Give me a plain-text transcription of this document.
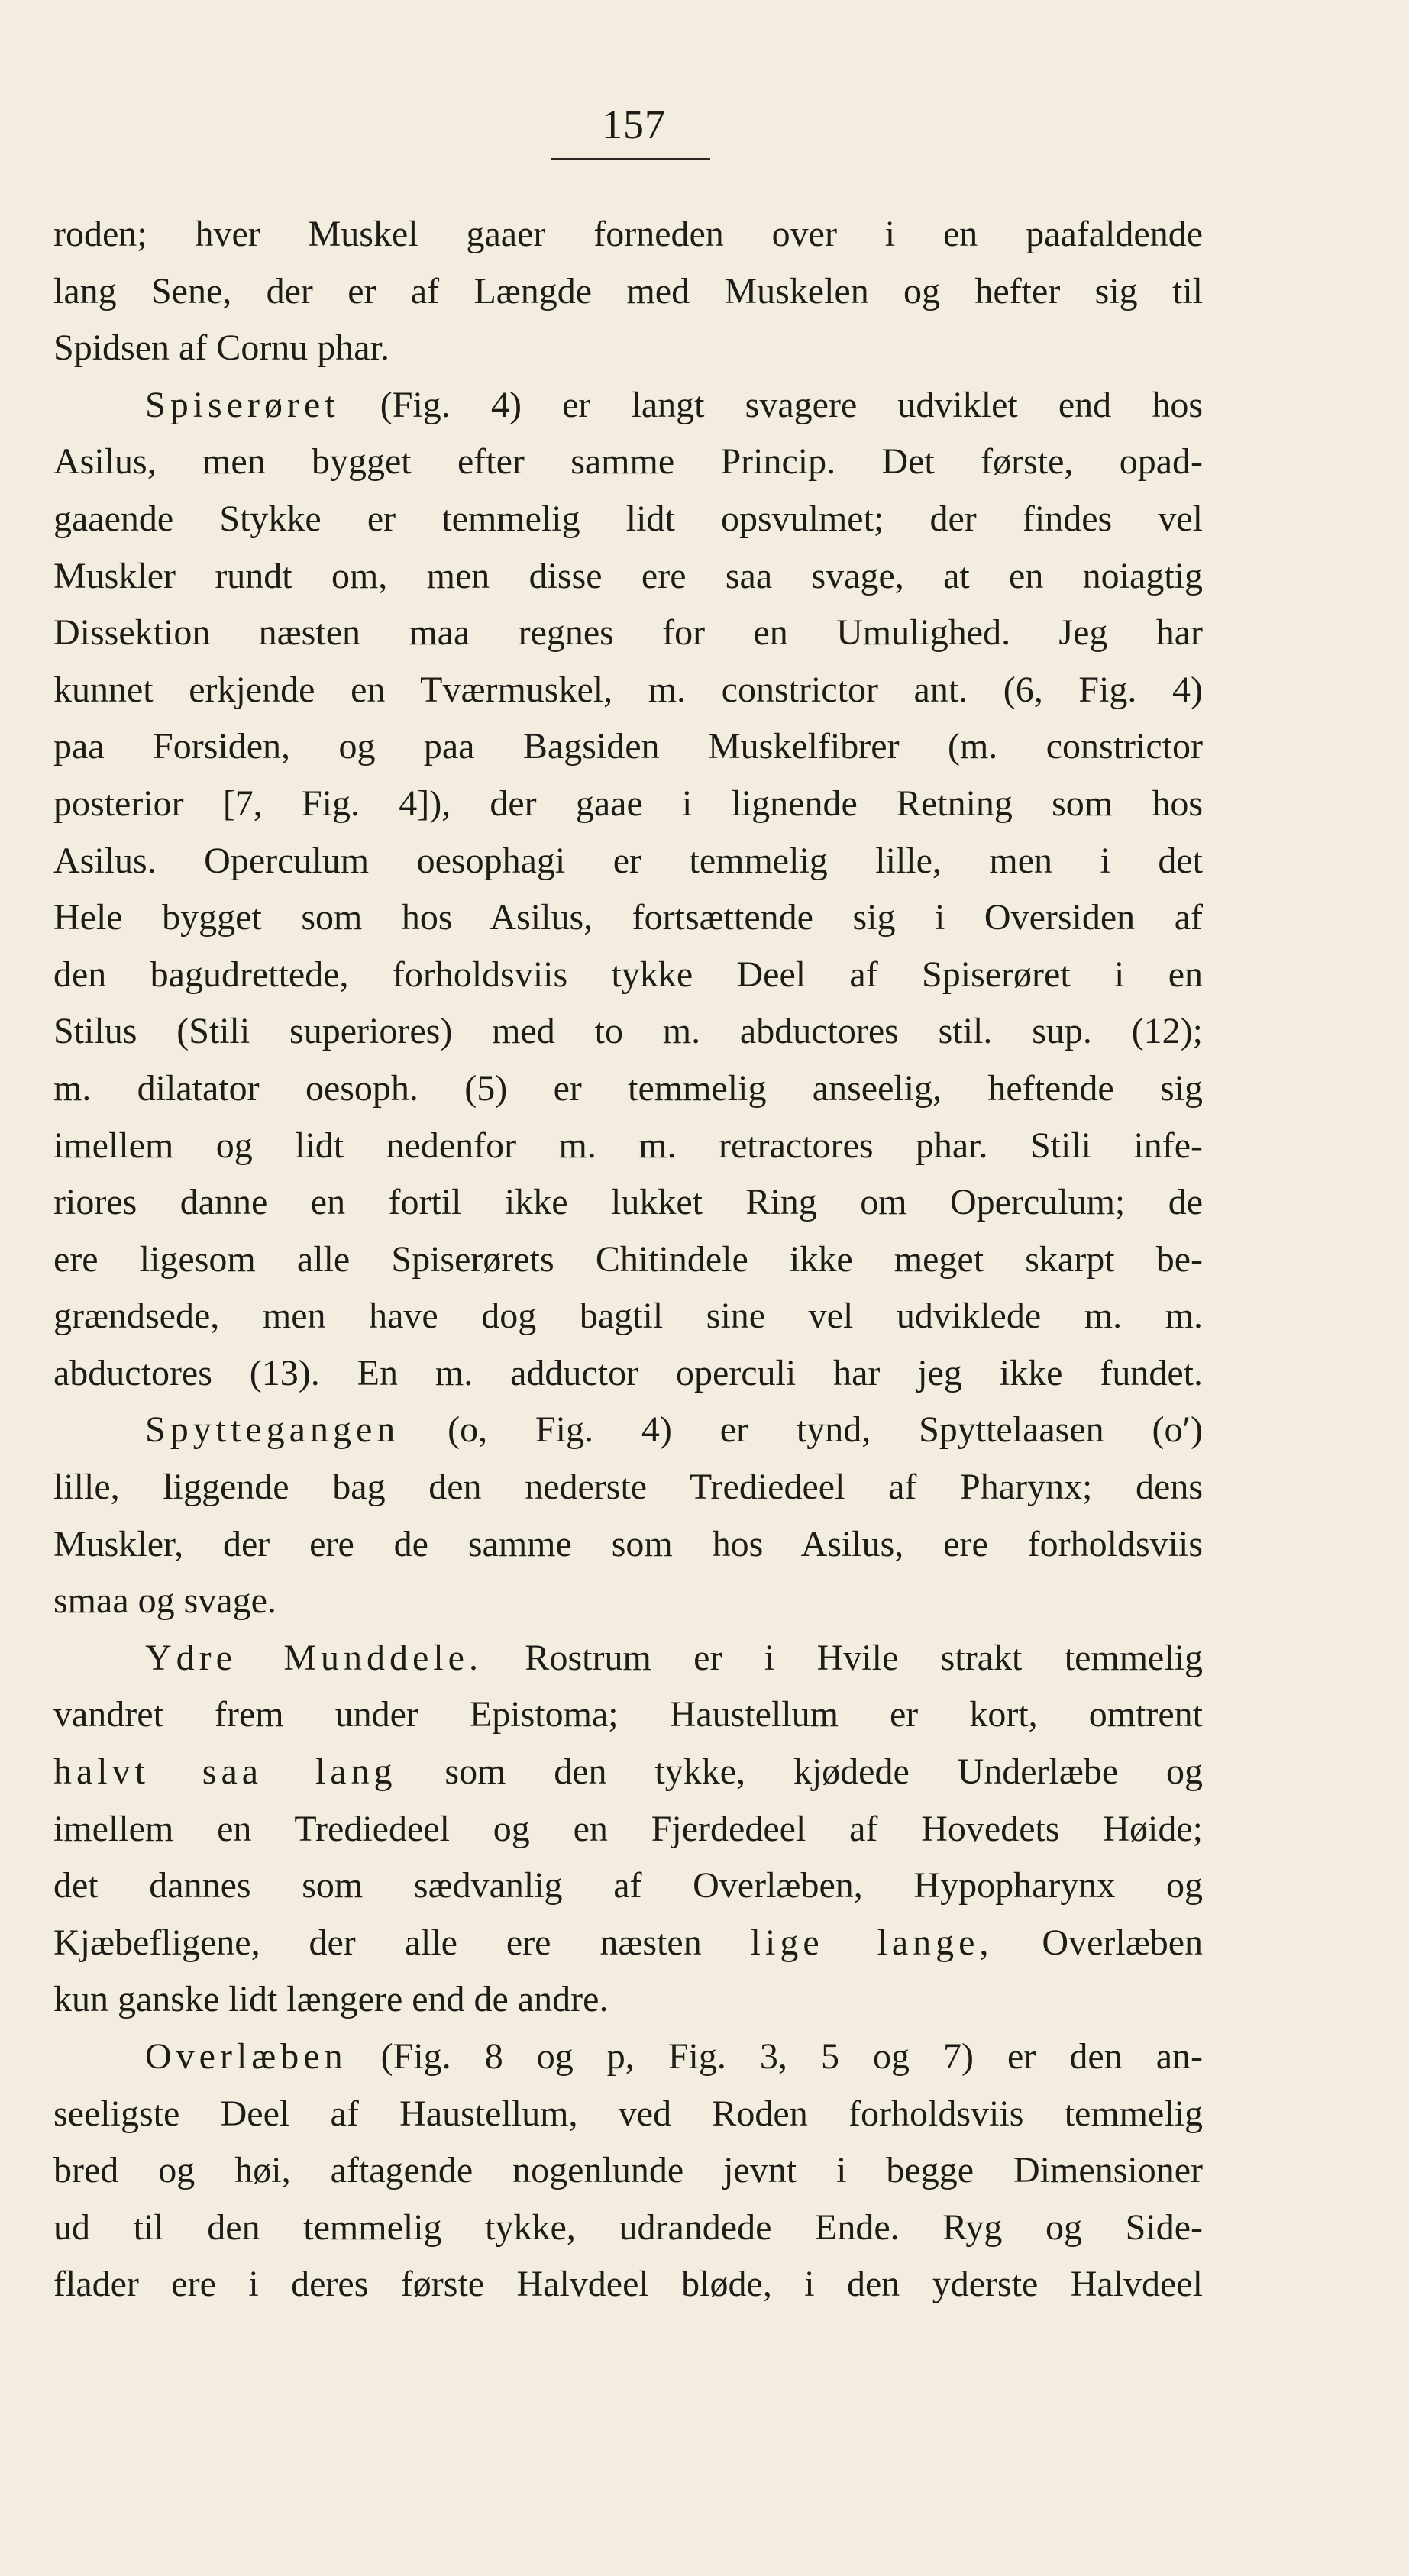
157
roden; hver Muskel gaaer forneden over i en paafaldende
lang Sene, der er af Længde med Muskelen og hefter sig til
Spidsen af Cornu phar.
Spiserøret (Fig. 4) er langt svagere udviklet end hos
Asilus, men bygget efter samme Princip. Det første, opad-
gaaende Stykke er temmelig lidt opsvulmet; der findes vel
Muskler rundt om, men disse ere saa svage, at en noiagtig
Dissektion næsten maa regnes for en Umulighed. Jeg har
kunnet erkjende en Tværmuskel, m. constrictor ant. (6, Fig. 4)
paa Forsiden, og paa Bagsiden Muskelfibrer (m. constrictor
posterior [7, Fig. 4]), der gaae i lignende Retning som hos
Asilus. Operculum oesophagi er temmelig lille, men i det
Hele bygget som hos Asilus, fortsættende sig i Oversiden af
den bagudrettede, forholdsviis tykke Deel af Spiserøret i en
Stilus (Stili superiores) med to m. abductores stil. sup. (12);
m. dilatator oesoph. (5) er temmelig anseelig, heftende sig
imellem og lidt nedenfor m. m. retractores phar. Stili infe-
riores danne en fortil ikke lukket Ring om Operculum; de
ere ligesom alle Spiserørets Chitindele ikke meget skarpt be-
grændsede, men have dog bagtil sine vel udviklede m. m.
abductores (13). En m. adductor operculi har jeg ikke fundet.
Spyttegangen (o, Fig. 4) er tynd, Spyttelaasen (o′)
lille, liggende bag den nederste Trediedeel af Pharynx; dens
Muskler, der ere de samme som hos Asilus, ere forholdsviis
smaa og svage.
Ydre Munddele. Rostrum er i Hvile strakt temmelig
vandret frem under Epistoma; Haustellum er kort, omtrent
halvt saa lang som den tykke, kjødede Underlæbe og
imellem en Trediedeel og en Fjerdedeel af Hovedets Høide;
det dannes som sædvanlig af Overlæben, Hypopharynx og
Kjæbefligene, der alle ere næsten lige lange, Overlæben
kun ganske lidt længere end de andre.
Overlæben (Fig. 8 og p, Fig. 3, 5 og 7) er den an-
seeligste Deel af Haustellum, ved Roden forholdsviis temmelig
bred og høi, aftagende nogenlunde jevnt i begge Dimensioner
ud til den temmelig tykke, udrandede Ende. Ryg og Side-
flader ere i deres første Halvdeel bløde, i den yderste Halvdeel
